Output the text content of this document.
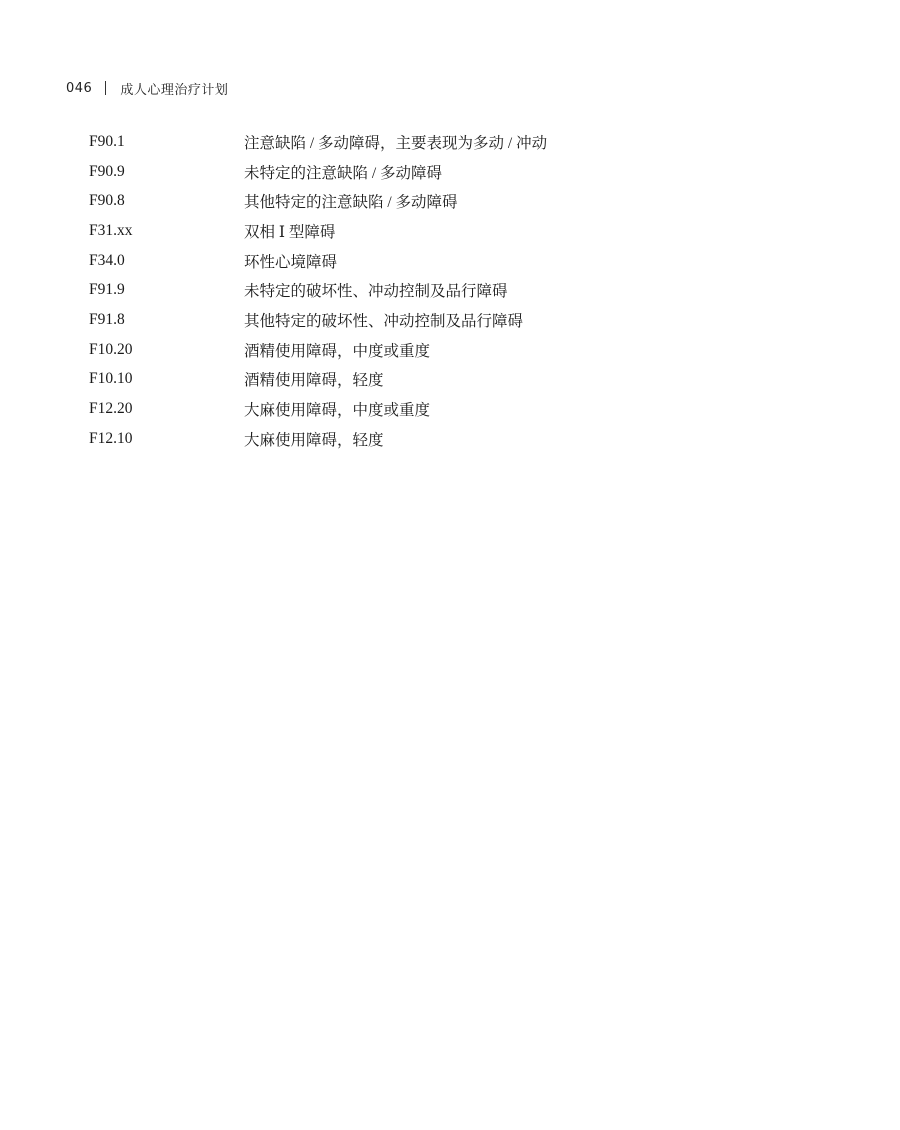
046 成人心理治疗计划
F90.1	注意缺陷 / 多动障碍，主要表现为多动 / 冲动
F90.9	未特定的注意缺陷 / 多动障碍
F90.8	其他特定的注意缺陷 / 多动障碍
F31.xx	双相 Ⅰ 型障碍
F34.0	环性心境障碍
F91.9	未特定的破坏性、冲动控制及品行障碍
F91.8	其他特定的破坏性、冲动控制及品行障碍
F10.20	酒精使用障碍，中度或重度
F10.10	酒精使用障碍，轻度
F12.20	大麻使用障碍，中度或重度
F12.10	大麻使用障碍，轻度
